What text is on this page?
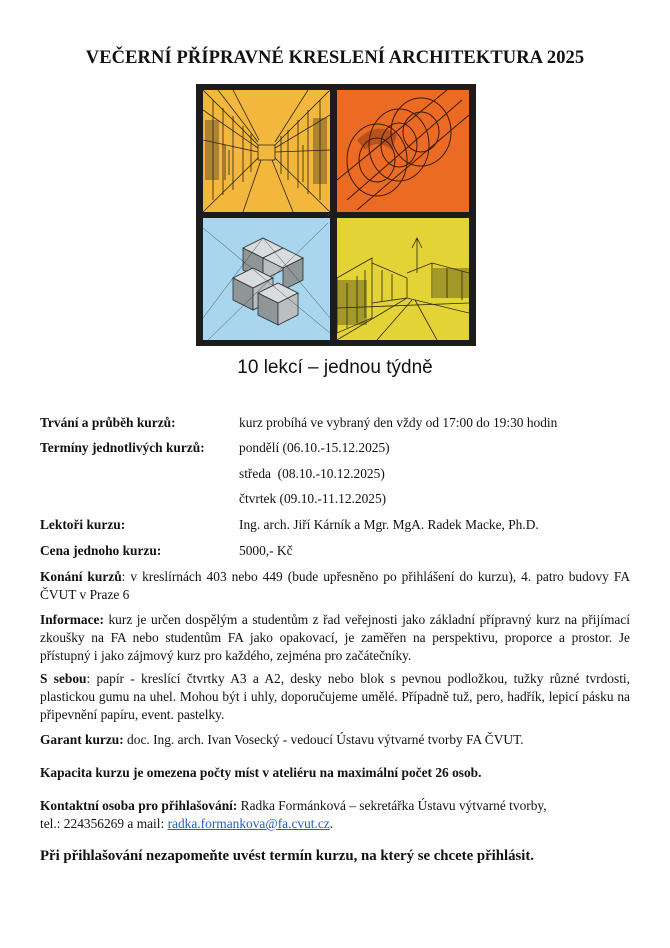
VEČERNÍ PŘÍPRAVNÉ KRESLENÍ ARCHITEKTURA 2025
10 lekcí – jednou týdně
Trvání a průběh kurzů:	kurz probíhá ve vybraný den vždy od 17:00 do 19:30 hodin
Termíny jednotlivých kurzů:	pondělí (06.10.-15.12.2025)
středa  (08.10.-10.12.2025)
čtvrtek (09.10.-11.12.2025)
Lektoři kurzu:	Ing. arch. Jiří Kárník a Mgr. MgA. Radek Macke, Ph.D.
Cena jednoho kurzu:	5000,- Kč
Konání kurzů: v kreslírnách 403 nebo 449 (bude upřesněno po přihlášení do kurzu), 4. patro budovy FA ČVUT v Praze 6
Informace: kurz je určen dospělým a studentům z řad veřejnosti jako základní přípravný kurz na přijímací zkoušky na FA nebo studentům FA jako opakovací, je zaměřen na perspektivu, proporce a prostor. Je přístupný i jako zájmový kurz pro každého, zejména pro začátečníky.
S sebou: papír - kreslící čtvrtky A3 a A2, desky nebo blok s pevnou podložkou, tužky různé tvrdosti, plastickou gumu na uhel. Mohou být i uhly, doporučujeme umělé. Případně tuž, pero, hadřík, lepicí pásku na připevnění papíru, event. pastelky.
Garant kurzu: doc. Ing. arch. Ivan Vosecký - vedoucí Ústavu výtvarné tvorby FA ČVUT.
Kapacita kurzu je omezena počty míst v ateliéru na maximální počet 26 osob.
Kontaktní osoba pro přihlašování: Radka Formánková – sekretářka Ústavu výtvarné tvorby,
tel.: 224356269 a mail: radka.formankova@fa.cvut.cz.
Při přihlašování nezapomeňte uvést termín kurzu, na který se chcete přihlásit.
